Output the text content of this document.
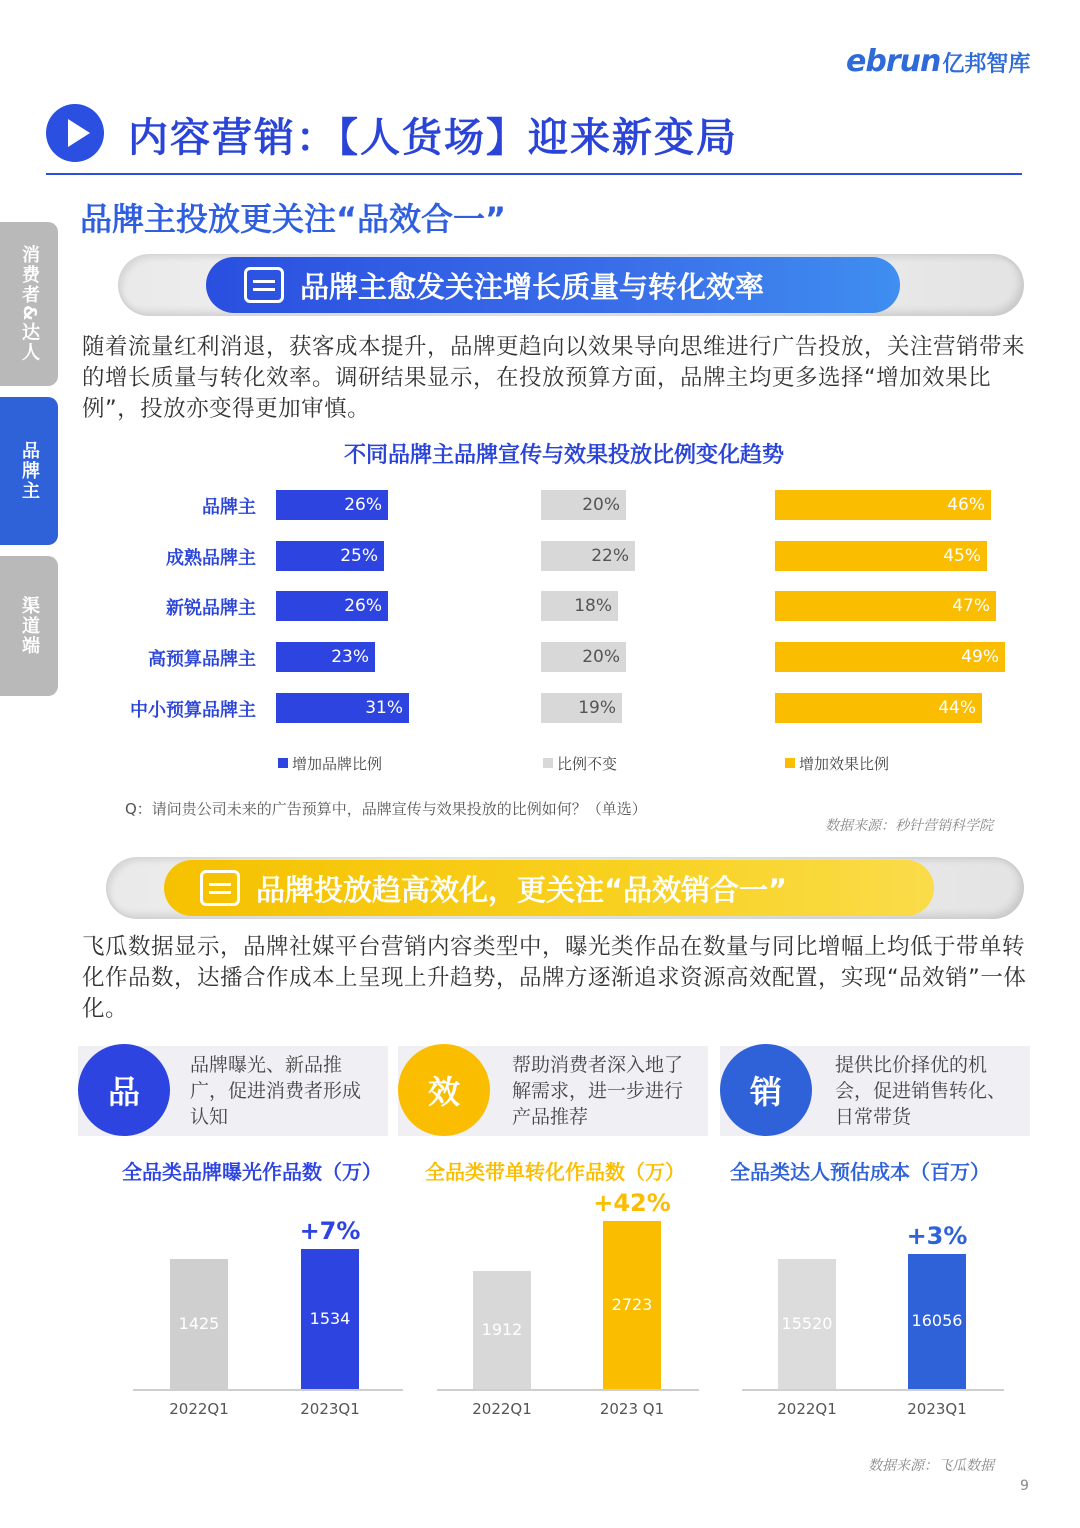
ebrun亿邦智库
内容营销：【人货场】迎来新变局
品牌主投放更关注“品效合一”
消费者&达人
品牌主
渠道端
品牌主愈发关注增长质量与转化效率
随着流量红利消退，获客成本提升，品牌更趋向以效果导向思维进行广告投放，关注营销带来的增长质量与转化效率。调研结果显示，在投放预算方面，品牌主均更多选择“增加效果比例”，投放亦变得更加审慎。
不同品牌主品牌宣传与效果投放比例变化趋势
品牌主	26%	20%	46%
成熟品牌主	25%	22%	45%
新锐品牌主	26%	18%	47%
高预算品牌主	23%	20%	49%
中小预算品牌主	31%	19%	44%
增加品牌比例	比例不变	增加效果比例
Q：请问贵公司未来的广告预算中，品牌宣传与效果投放的比例如何？（单选）
数据来源：秒针营销科学院
品牌投放趋高效化，更关注“品效销合一”
飞瓜数据显示，品牌社媒平台营销内容类型中，曝光类作品在数量与同比增幅上均低于带单转化作品数，达播合作成本上呈现上升趋势，品牌方逐渐追求资源高效配置，实现“品效销”一体化。
品
品牌曝光、新品推广，促进消费者形成认知
效
帮助消费者深入地了解需求，进一步进行产品推荐
销
提供比价择优的机会，促进销售转化、日常带货
全品类品牌曝光作品数（万） 全品类带单转化作品数（万） 全品类达人预估成本（百万）
1425
2022Q1
1534
2023Q1
+7%
1912
2022Q1
2723
2023 Q1
+42%
15520
2022Q1
16056
2023Q1
+3%
数据来源：飞瓜数据
9
